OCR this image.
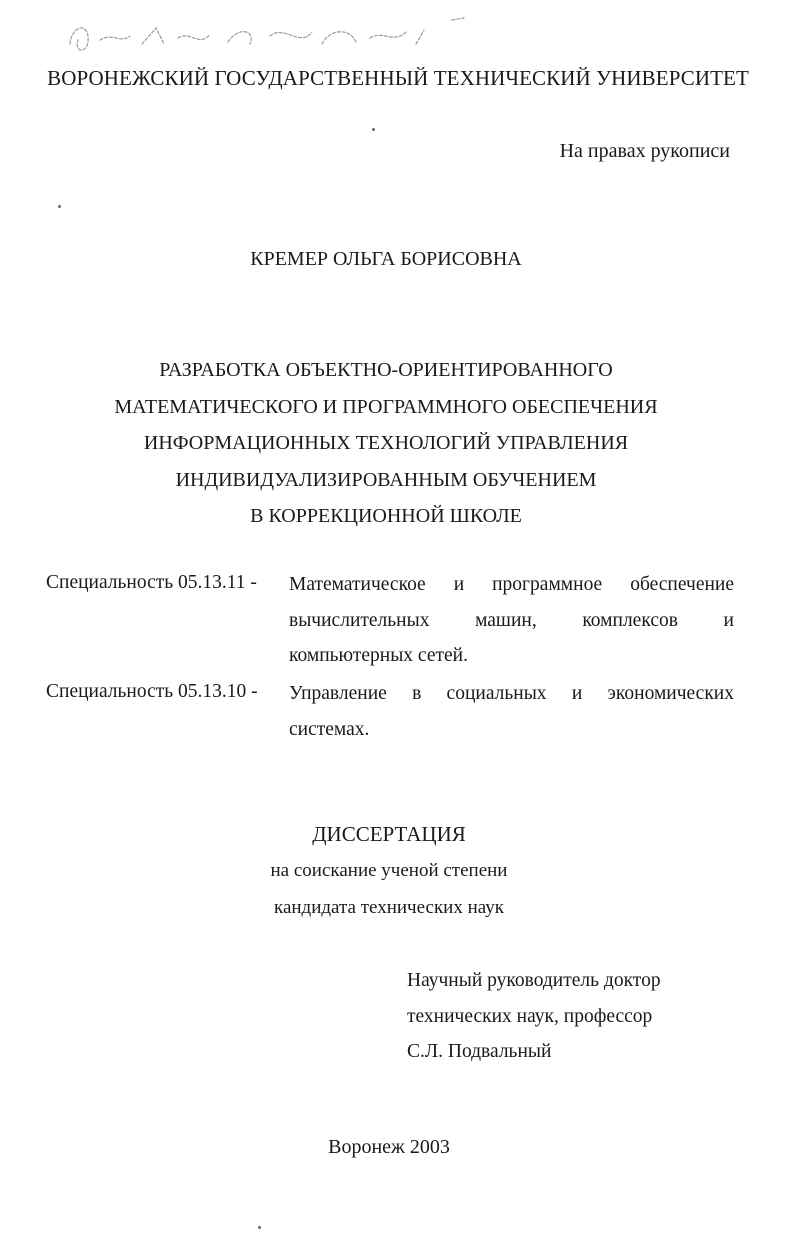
ВОРОНЕЖСКИЙ ГОСУДАРСТВЕННЫЙ ТЕХНИЧЕСКИЙ УНИВЕРСИТЕТ
На правах рукописи
КРЕМЕР ОЛЬГА БОРИСОВНА
РАЗРАБОТКА ОБЪЕКТНО-ОРИЕНТИРОВАННОГО
МАТЕМАТИЧЕСКОГО И ПРОГРАММНОГО ОБЕСПЕЧЕНИЯ
ИНФОРМАЦИОННЫХ ТЕХНОЛОГИЙ УПРАВЛЕНИЯ
ИНДИВИДУАЛИЗИРОВАННЫМ ОБУЧЕНИЕМ
В КОРРЕКЦИОННОЙ ШКОЛЕ
Специальность 05.13.11 - Математическое и программное обеспечение
вычислительных машин, комплексов и
компьютерных сетей.
Специальность 05.13.10 - Управление в социальных и экономических
системах.
ДИССЕРТАЦИЯ
на соискание ученой степени
кандидата технических наук
Научный руководитель доктор
технических наук, профессор
С.Л. Подвальный
Воронеж 2003
